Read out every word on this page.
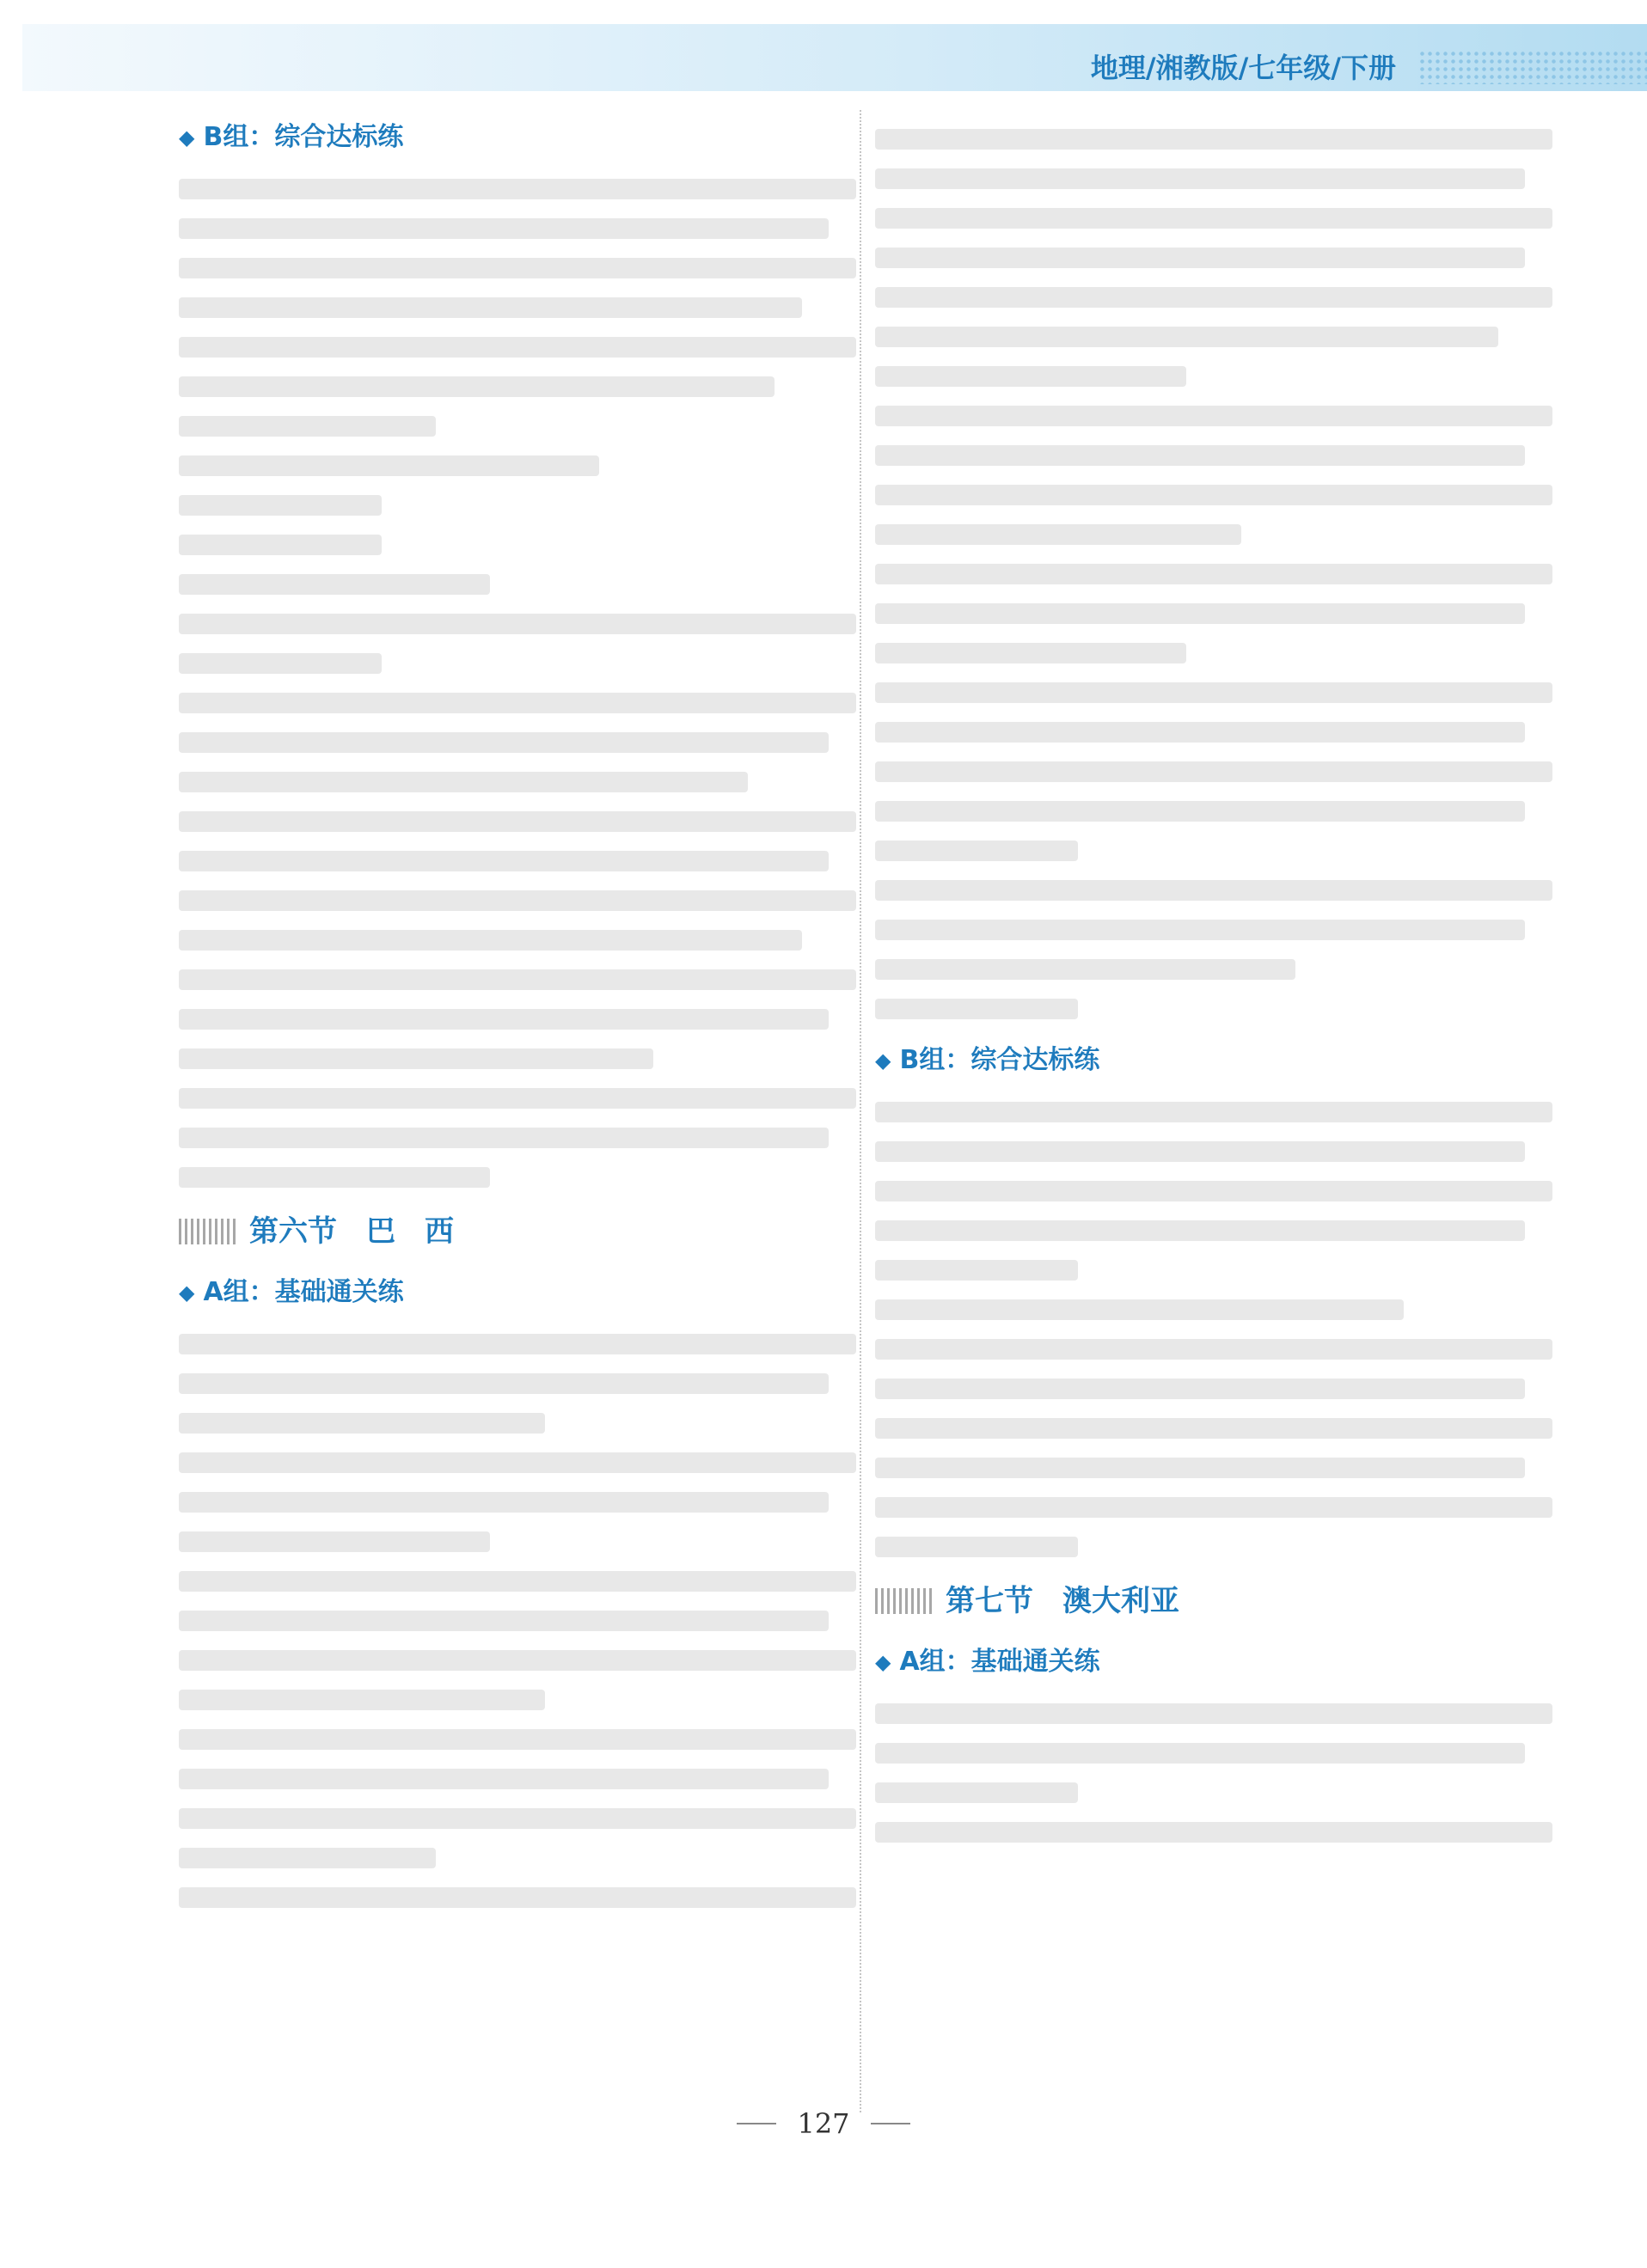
地理/湘教版/七年级/下册
◆ B组：综合达标练
第六节　巴　西
◆ A组：基础通关练
◆ B组：综合达标练
第七节　澳大利亚
◆ A组：基础通关练
127
